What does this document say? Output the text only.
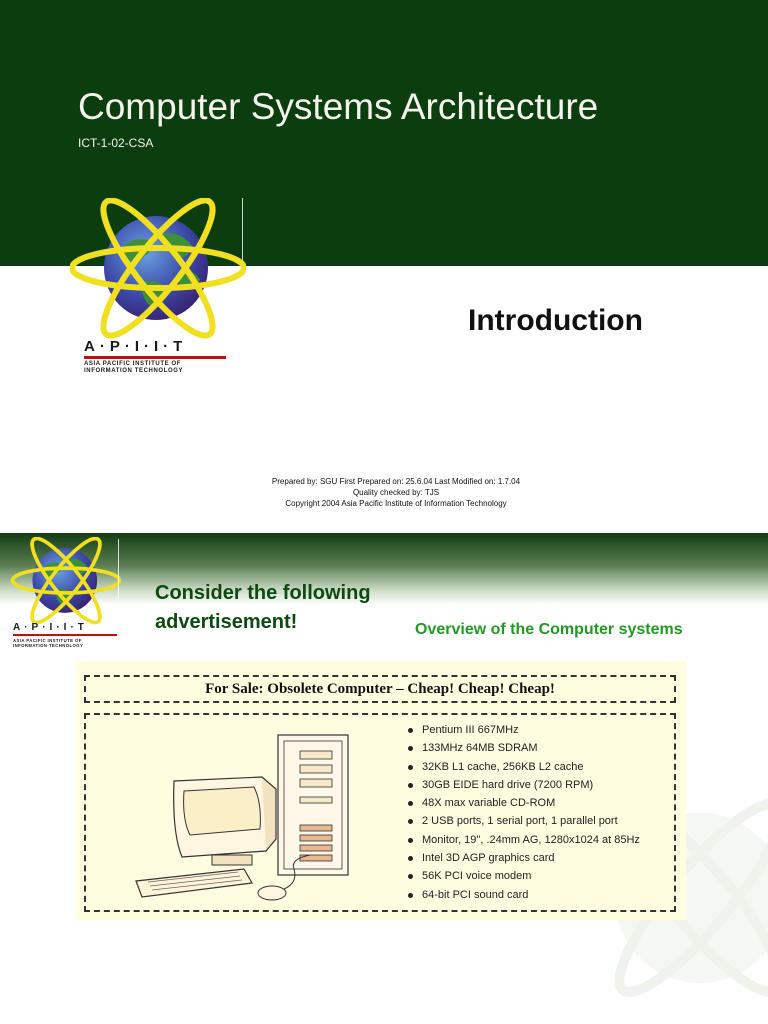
Computer Systems Architecture
ICT-1-02-CSA
A·P·I·I·T
ASIA PACIFIC INSTITUTE OF
INFORMATION TECHNOLOGY
Introduction
Prepared by: SGU First Prepared on: 25.6.04 Last Modified on: 1.7.04
Quality checked by: TJS
Copyright 2004 Asia Pacific Institute of Information Technology
A·P·I·I·T
ASIA PACIFIC INSTITUTE OF
INFORMATION TECHNOLOGY
Consider the following
advertisement!	Overview of the Computer systems
For Sale: Obsolete Computer – Cheap! Cheap! Cheap!
Pentium III 667MHz
133MHz 64MB SDRAM
32KB L1 cache, 256KB L2 cache
30GB EIDE hard drive (7200 RPM)
48X max variable CD-ROM
2 USB ports, 1 serial port, 1 parallel port
Monitor, 19", .24mm AG, 1280x1024 at 85Hz
Intel 3D AGP graphics card
56K PCI voice modem
64-bit PCI sound card
